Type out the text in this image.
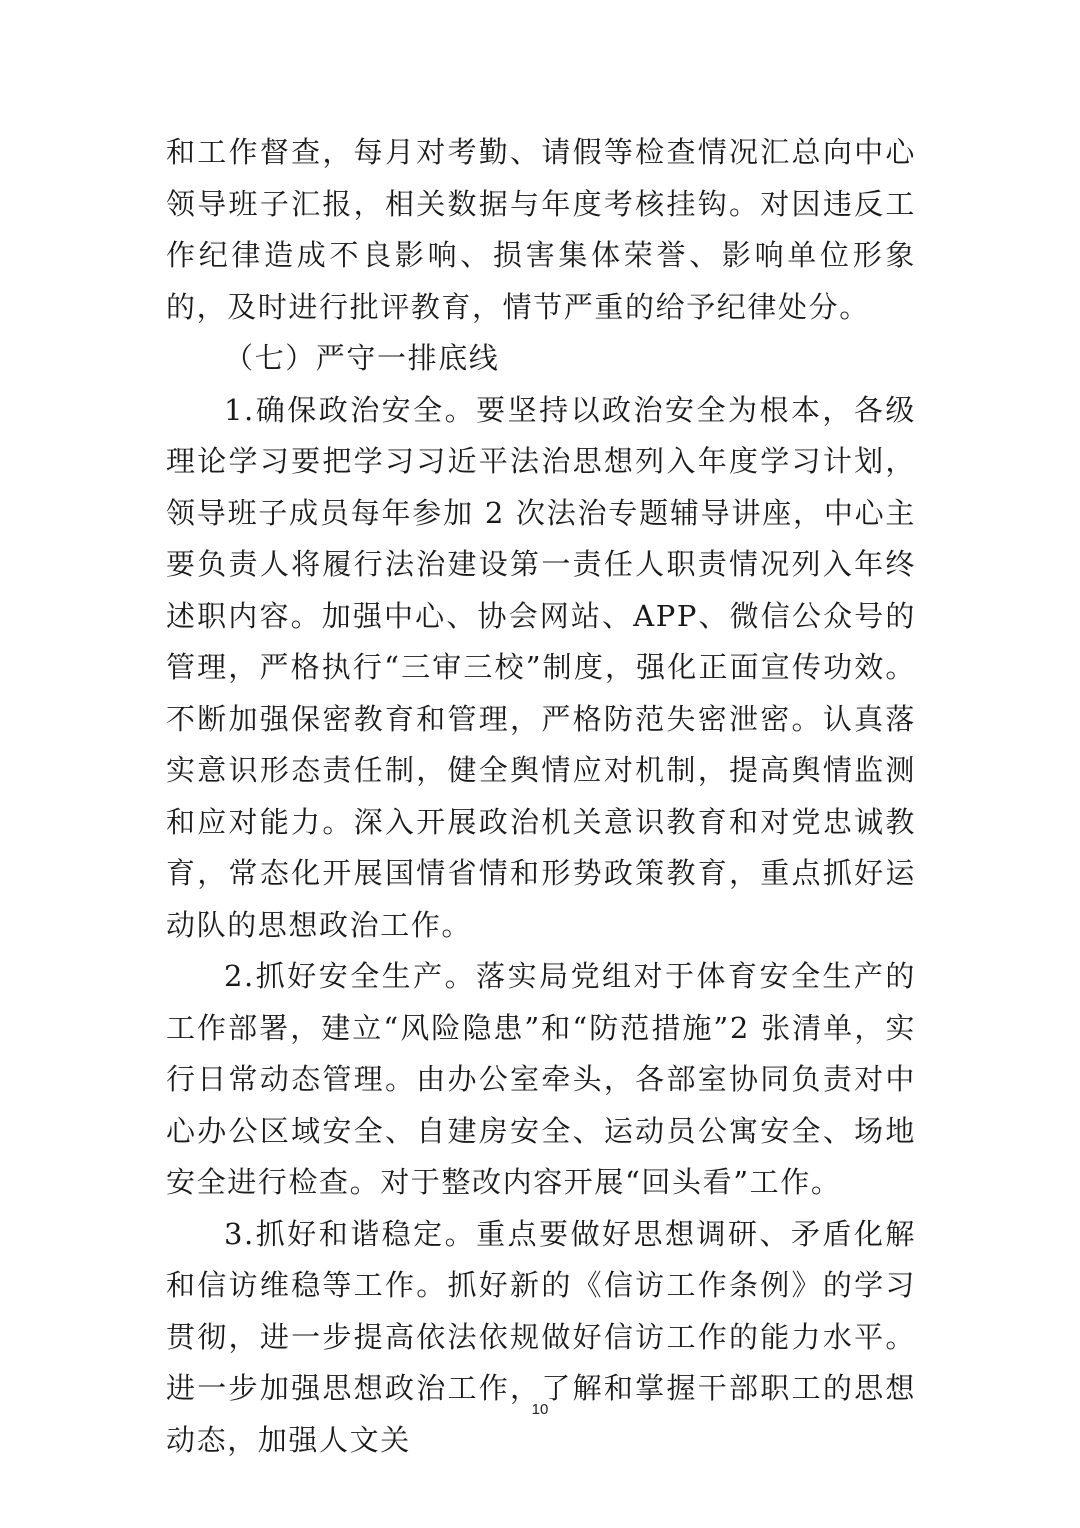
和工作督查，每月对考勤、请假等检查情况汇总向中心领导班子汇报，相关数据与年度考核挂钩。对因违反工作纪律造成不良影响、损害集体荣誉、影响单位形象的，及时进行批评教育，情节严重的给予纪律处分。

（七）严守一排底线

1.确保政治安全。要坚持以政治安全为根本，各级理论学习要把学习习近平法治思想列入年度学习计划，领导班子成员每年参加 2 次法治专题辅导讲座，中心主要负责人将履行法治建设第一责任人职责情况列入年终述职内容。加强中心、协会网站、APP、微信公众号的管理，严格执行“三审三校”制度，强化正面宣传功效。不断加强保密教育和管理，严格防范失密泄密。认真落实意识形态责任制，健全舆情应对机制，提高舆情监测和应对能力。深入开展政治机关意识教育和对党忠诚教育，常态化开展国情省情和形势政策教育，重点抓好运动队的思想政治工作。

2.抓好安全生产。落实局党组对于体育安全生产的工作部署，建立“风险隐患”和“防范措施”2 张清单，实行日常动态管理。由办公室牵头，各部室协同负责对中心办公区域安全、自建房安全、运动员公寓安全、场地安全进行检查。对于整改内容开展“回头看”工作。

3.抓好和谐稳定。重点要做好思想调研、矛盾化解和信访维稳等工作。抓好新的《信访工作条例》的学习贯彻，进一步提高依法依规做好信访工作的能力水平。进一步加强思想政治工作，了解和掌握干部职工的思想动态，加强人文关

10
